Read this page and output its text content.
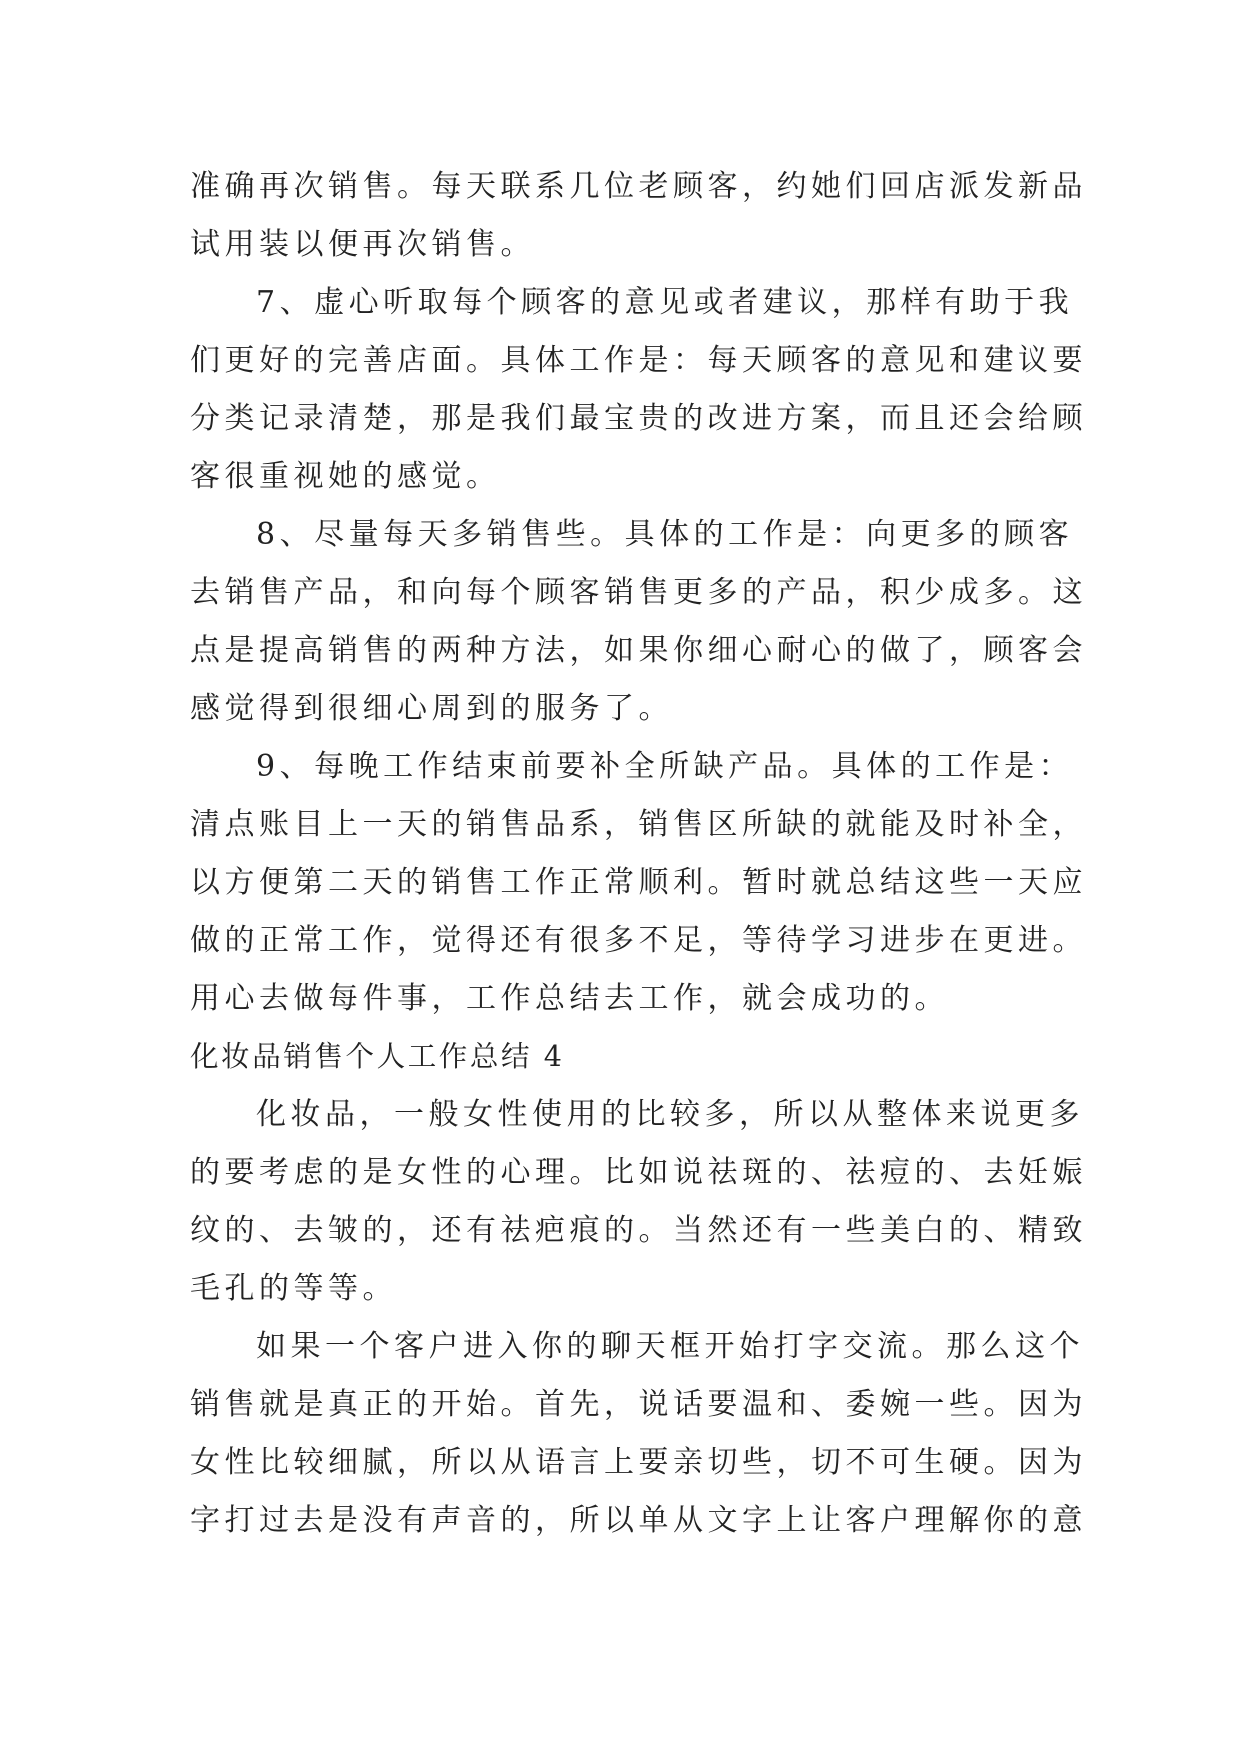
准确再次销售。每天联系几位老顾客，约她们回店派发新品
试用装以便再次销售。
7、虚心听取每个顾客的意见或者建议，那样有助于我
们更好的完善店面。具体工作是：每天顾客的意见和建议要
分类记录清楚，那是我们最宝贵的改进方案，而且还会给顾
客很重视她的感觉。
8、尽量每天多销售些。具体的工作是：向更多的顾客
去销售产品，和向每个顾客销售更多的产品，积少成多。这
点是提高销售的两种方法，如果你细心耐心的做了，顾客会
感觉得到很细心周到的服务了。
9、每晚工作结束前要补全所缺产品。具体的工作是：
清点账目上一天的销售品系，销售区所缺的就能及时补全，
以方便第二天的销售工作正常顺利。暂时就总结这些一天应
做的正常工作，觉得还有很多不足，等待学习进步在更进。
用心去做每件事，工作总结去工作，就会成功的。
化妆品销售个人工作总结 4
化妆品，一般女性使用的比较多，所以从整体来说更多
的要考虑的是女性的心理。比如说祛斑的、祛痘的、去妊娠
纹的、去皱的，还有祛疤痕的。当然还有一些美白的、精致
毛孔的等等。
如果一个客户进入你的聊天框开始打字交流。那么这个
销售就是真正的开始。首先，说话要温和、委婉一些。因为
女性比较细腻，所以从语言上要亲切些，切不可生硬。因为
字打过去是没有声音的，所以单从文字上让客户理解你的意
